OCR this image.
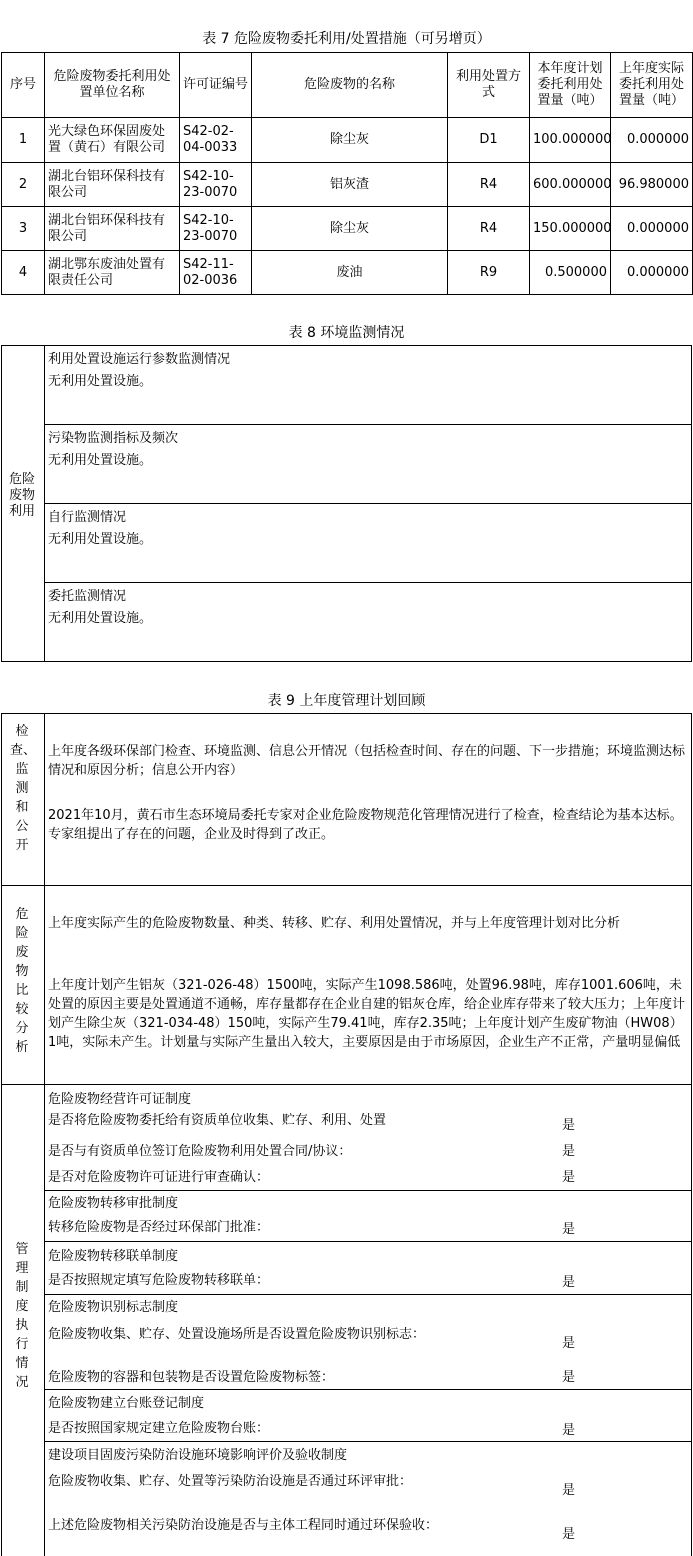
表 7 危险废物委托利用/处置措施（可另增页）
序号	危险废物委托利用处置单位名称	许可证编号	危险废物的名称	利用处置方式	本年度计划委托利用处置量（吨）	上年度实际委托利用处置量（吨）
1	光大绿色环保固废处置（黄石）有限公司	S42-02-04-0033	除尘灰	D1	100.000000	0.000000
2	湖北台铝环保科技有限公司	S42-10-23-0070	铝灰渣	R4	600.000000	96.980000
3	湖北台铝环保科技有限公司	S42-10-23-0070	除尘灰	R4	150.000000	0.000000
4	湖北鄂东废油处置有限责任公司	S42-11-02-0036	废油	R9	0.500000	0.000000
表 8 环境监测情况
危险废物利用
利用处置设施运行参数监测情况
无利用处置设施。
污染物监测指标及频次
无利用处置设施。
自行监测情况
无利用处置设施。
委托监测情况
无利用处置设施。
表 9 上年度管理计划回顾
检查、监测和公开
上年度各级环保部门检查、环境监测、信息公开情况（包括检查时间、存在的问题、下一步措施；环境监测达标情况和原因分析；信息公开内容）
2021年10月，黄石市生态环境局委托专家对企业危险废物规范化管理情况进行了检查，检查结论为基本达标。专家组提出了存在的问题，企业及时得到了改正。
危险废物比较分析
上年度实际产生的危险废物数量、种类、转移、贮存、利用处置情况，并与上年度管理计划对比分析
上年度计划产生铝灰（321-026-48）1500吨，实际产生1098.586吨，处置96.98吨，库存1001.606吨，未处置的原因主要是处置通道不通畅，库存量都存在企业自建的铝灰仓库，给企业库存带来了较大压力；上年度计划产生除尘灰（321-034-48）150吨，实际产生79.41吨，库存2.35吨；上年度计划产生废矿物油（HW08）1吨，实际未产生。计划量与实际产生量出入较大，主要原因是由于市场原因，企业生产不正常，产量明显偏低
管理制度执行情况
危险废物经营许可证制度
是否将危险废物委托给有资质单位收集、贮存、利用、处置	是
是否与有资质单位签订危险废物利用处置合同/协议：	是
是否对危险废物许可证进行审查确认：	是
危险废物转移审批制度
转移危险废物是否经过环保部门批准：	是
危险废物转移联单制度
是否按照规定填写危险废物转移联单：	是
危险废物识别标志制度
危险废物收集、贮存、处置设施场所是否设置危险废物识别标志：
是
危险废物的容器和包装物是否设置危险废物标签：	是
危险废物建立台账登记制度
是否按照国家规定建立危险废物台账：	是
建设项目固废污染防治设施环境影响评价及验收制度
危险废物收集、贮存、处置等污染防治设施是否通过环评审批：
是
上述危险废物相关污染防治设施是否与主体工程同时通过环保验收：
是
